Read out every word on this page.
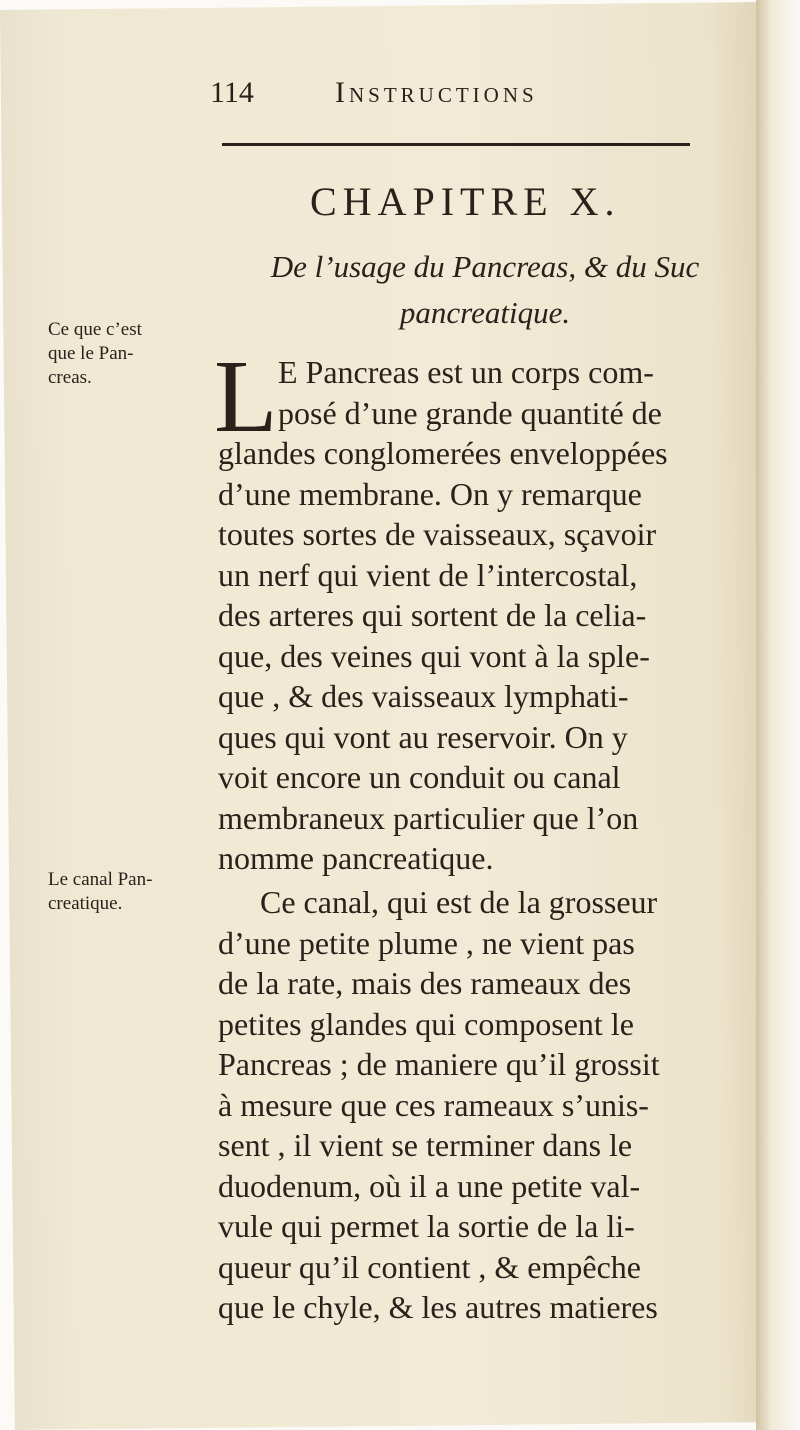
114	Instructions
CHAPITRE X.
De l’usage du Pancreas, & du Suc
pancreatique.
Ce que c’est
que le Pan-
creas.
Le canal Pan-
creatique.
L E Pancreas est un corps com-
posé d’une grande quantité de
glandes conglomerées enveloppées
d’une membrane. On y remarque
toutes sortes de vaisseaux, sçavoir
un nerf qui vient de l’intercostal,
des arteres qui sortent de la celia-
que, des veines qui vont à la sple-
que , & des vaisseaux lymphati-
ques qui vont au reservoir. On y
voit encore un conduit ou canal
membraneux particulier que l’on
nomme pancreatique.
Ce canal, qui est de la grosseur
d’une petite plume , ne vient pas
de la rate, mais des rameaux des
petites glandes qui composent le
Pancreas ; de maniere qu’il grossit
à mesure que ces rameaux s’unis-
sent , il vient se terminer dans le
duodenum, où il a une petite val-
vule qui permet la sortie de la li-
queur qu’il contient , & empêche
que le chyle, & les autres matieres
